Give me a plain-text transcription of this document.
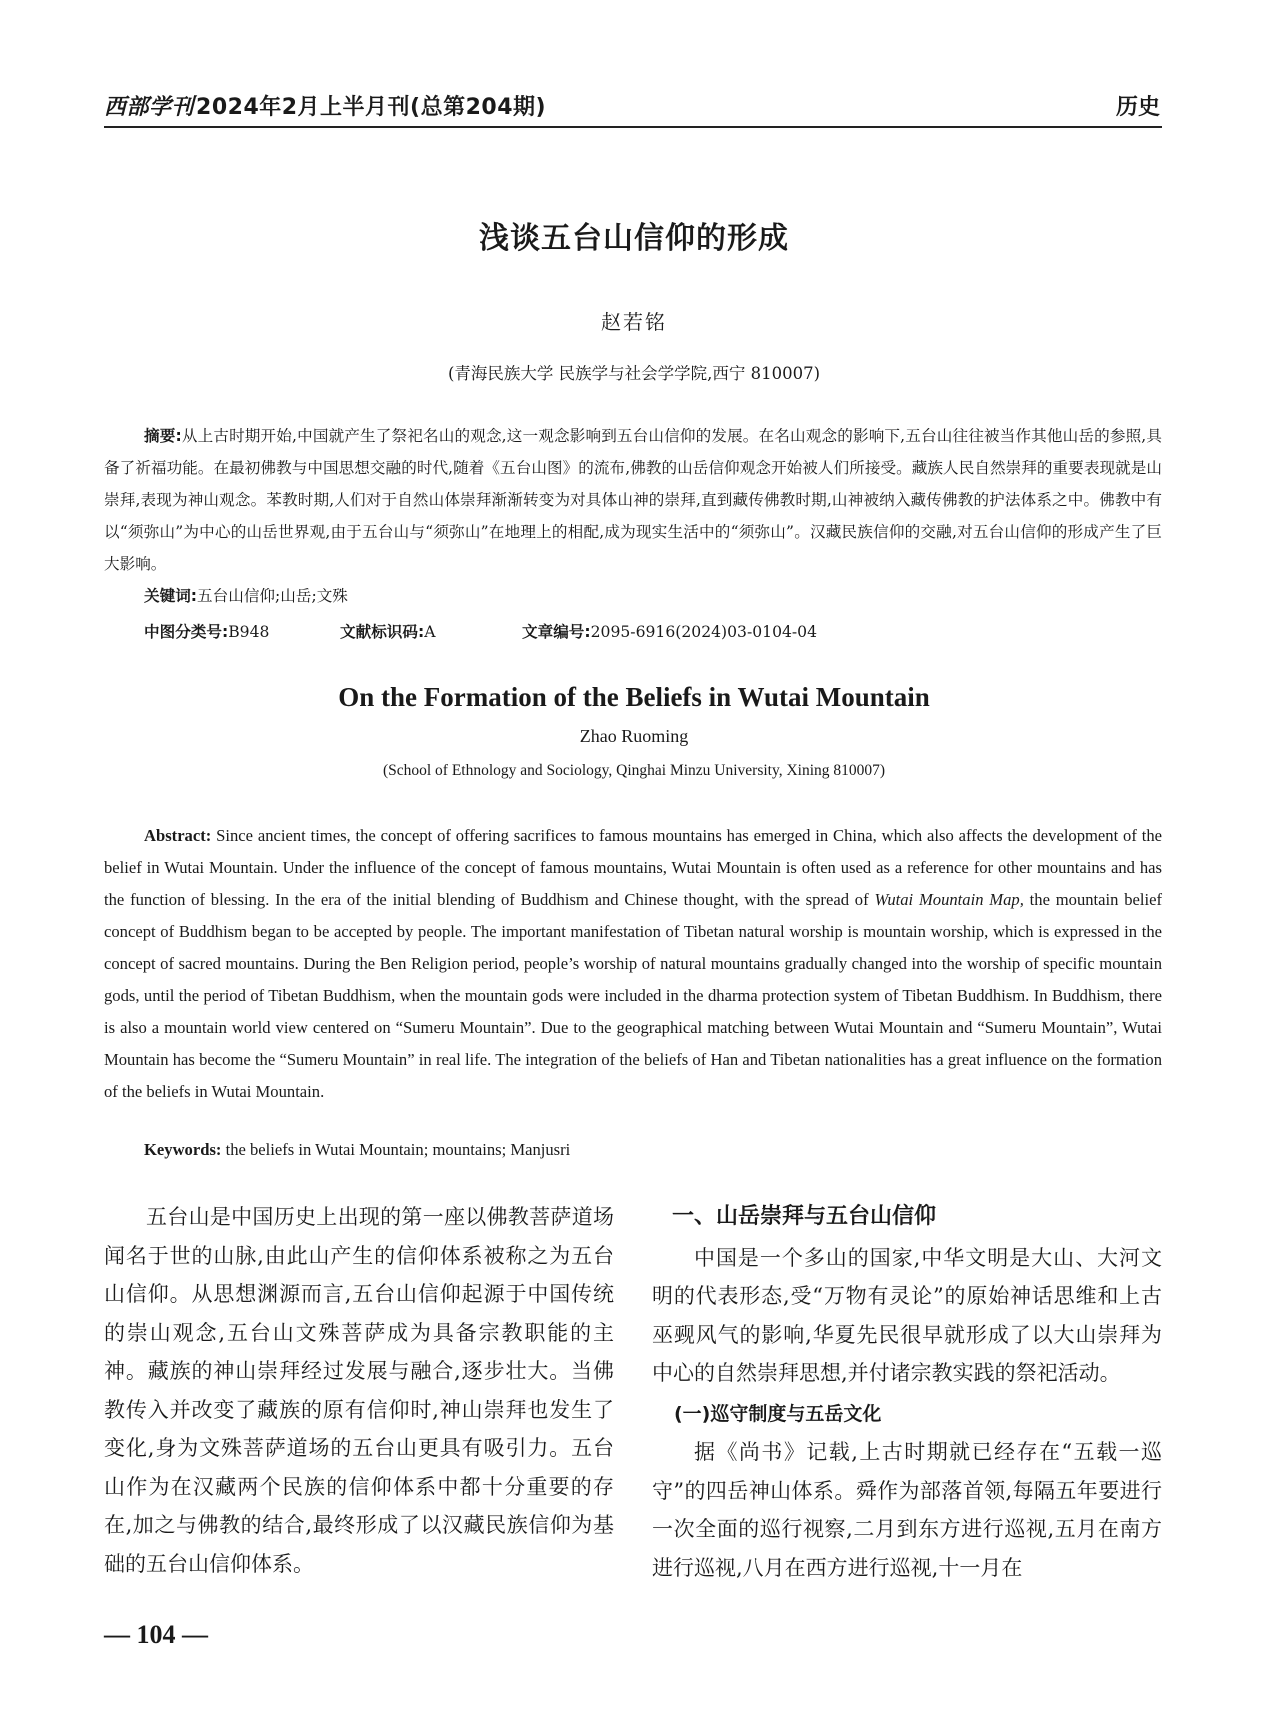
西部学刊2024年2月上半月刊(总第204期)	历史
浅谈五台山信仰的形成
赵若铭
(青海民族大学 民族学与社会学学院,西宁 810007)
摘要:从上古时期开始,中国就产生了祭祀名山的观念,这一观念影响到五台山信仰的发展。在名山观念的影响下,五台山往往被当作其他山岳的参照,具备了祈福功能。在最初佛教与中国思想交融的时代,随着《五台山图》的流布,佛教的山岳信仰观念开始被人们所接受。藏族人民自然崇拜的重要表现就是山崇拜,表现为神山观念。苯教时期,人们对于自然山体崇拜渐渐转变为对具体山神的崇拜,直到藏传佛教时期,山神被纳入藏传佛教的护法体系之中。佛教中有以“须弥山”为中心的山岳世界观,由于五台山与“须弥山”在地理上的相配,成为现实生活中的“须弥山”。汉藏民族信仰的交融,对五台山信仰的形成产生了巨大影响。
关键词:五台山信仰;山岳;文殊
中图分类号:B948	文献标识码:A	文章编号:2095-6916(2024)03-0104-04
On the Formation of the Beliefs in Wutai Mountain
Zhao Ruoming
(School of Ethnology and Sociology, Qinghai Minzu University, Xining 810007)
Abstract: Since ancient times, the concept of offering sacrifices to famous mountains has emerged in China, which also affects the development of the belief in Wutai Mountain. Under the influence of the concept of famous mountains, Wutai Mountain is often used as a reference for other mountains and has the function of blessing. In the era of the initial blending of Buddhism and Chinese thought, with the spread of Wutai Mountain Map, the mountain belief concept of Buddhism began to be accepted by people. The important manifestation of Tibetan natural worship is mountain worship, which is expressed in the concept of sacred mountains. During the Ben Religion period, people’s worship of natural mountains gradually changed into the worship of specific mountain gods, until the period of Tibetan Buddhism, when the mountain gods were included in the dharma protection system of Tibetan Buddhism. In Buddhism, there is also a mountain world view centered on “Sumeru Mountain”. Due to the geographical matching between Wutai Mountain and “Sumeru Mountain”, Wutai Mountain has become the “Sumeru Mountain” in real life. The integration of the beliefs of Han and Tibetan nationalities has a great influence on the formation of the beliefs in Wutai Mountain.
Keywords: the beliefs in Wutai Mountain; mountains; Manjusri

五台山是中国历史上出现的第一座以佛教菩萨道场闻名于世的山脉,由此山产生的信仰体系被称之为五台山信仰。从思想渊源而言,五台山信仰起源于中国传统的崇山观念,五台山文殊菩萨成为具备宗教职能的主神。藏族的神山崇拜经过发展与融合,逐步壮大。当佛教传入并改变了藏族的原有信仰时,神山崇拜也发生了变化,身为文殊菩萨道场的五台山更具有吸引力。五台山作为在汉藏两个民族的信仰体系中都十分重要的存在,加之与佛教的结合,最终形成了以汉藏民族信仰为基础的五台山信仰体系。

一、山岳崇拜与五台山信仰

中国是一个多山的国家,中华文明是大山、大河文明的代表形态,受“万物有灵论”的原始神话思维和上古巫觋风气的影响,华夏先民很早就形成了以大山崇拜为中心的自然崇拜思想,并付诸宗教实践的祭祀活动。

(一)巡守制度与五岳文化

据《尚书》记载,上古时期就已经存在“五载一巡守”的四岳神山体系。舜作为部落首领,每隔五年要进行一次全面的巡行视察,二月到东方进行巡视,五月在南方进行巡视,八月在西方进行巡视,十一月在

— 104 —
